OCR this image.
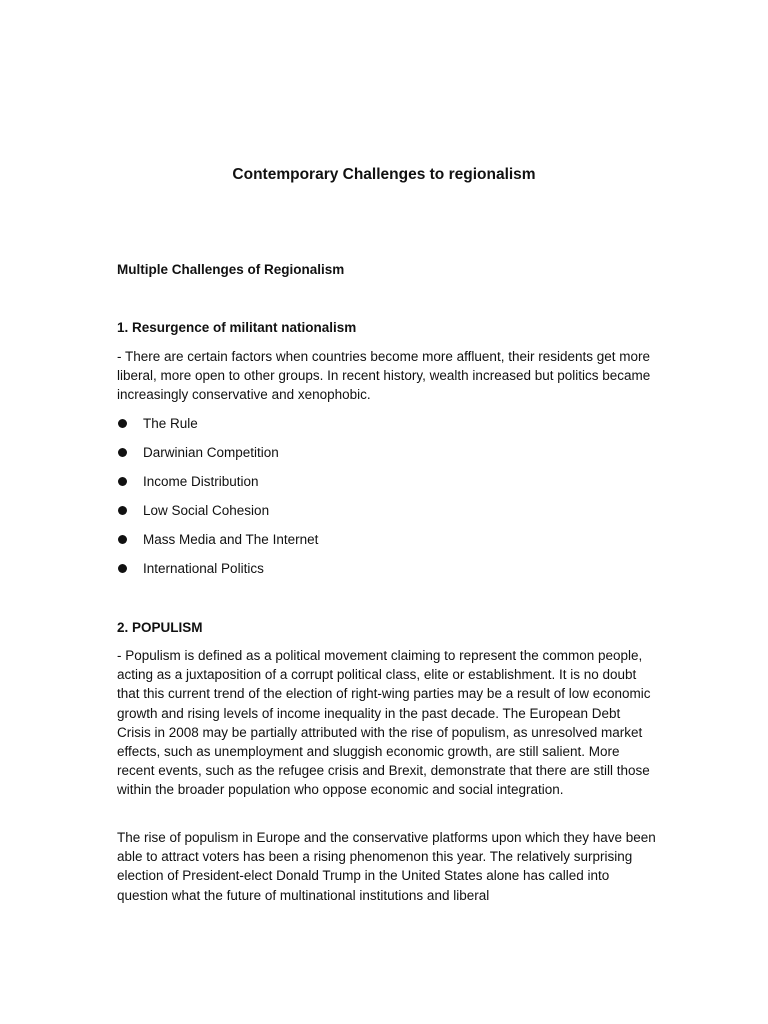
Contemporary Challenges to regionalism
Multiple Challenges of Regionalism
1. Resurgence of militant nationalism
- There are certain factors when countries become more affluent, their residents get more liberal, more open to other groups. In recent history, wealth increased but politics became increasingly conservative and xenophobic.
The Rule
Darwinian Competition
Income Distribution
Low Social Cohesion
Mass Media and The Internet
International Politics
2. POPULISM
- Populism is defined as a political movement claiming to represent the common people, acting as a juxtaposition of a corrupt political class, elite or establishment. It is no doubt that this current trend of the election of right-wing parties may be a result of low economic growth and rising levels of income inequality in the past decade. The European Debt Crisis in 2008 may be partially attributed with the rise of populism, as unresolved market effects, such as unemployment and sluggish economic growth, are still salient. More recent events, such as the refugee crisis and Brexit, demonstrate that there are still those within the broader population who oppose economic and social integration.
The rise of populism in Europe and the conservative platforms upon which they have been able to attract voters has been a rising phenomenon this year. The relatively surprising election of President-elect Donald Trump in the United States alone has called into question what the future of multinational institutions and liberal
